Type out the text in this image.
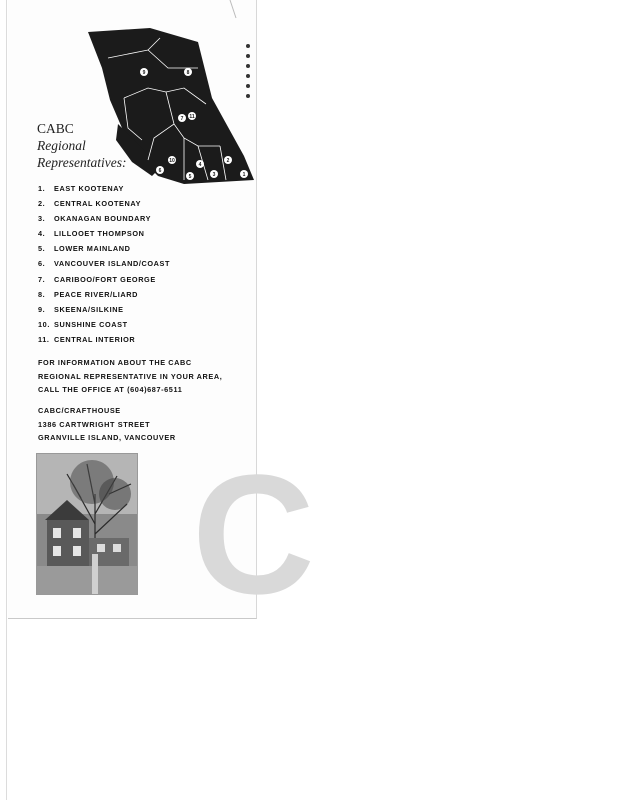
1
2
3
4
5
6
7
8
9
10
11
CABC
Regional
Representatives:
1. EAST KOOTENAY
2. CENTRAL KOOTENAY
3. OKANAGAN BOUNDARY
4. LILLOOET THOMPSON
5. LOWER MAINLAND
6. VANCOUVER ISLAND/COAST
7. CARIBOO/FORT GEORGE
8. PEACE RIVER/LIARD
9. SKEENA/SILKINE
10. SUNSHINE COAST
11. CENTRAL INTERIOR
FOR INFORMATION ABOUT THE CABC
REGIONAL REPRESENTATIVE IN YOUR AREA,
CALL THE OFFICE AT (604)687-6511
CABC/CRAFTHOUSE
1386 CARTWRIGHT STREET
GRANVILLE ISLAND, VANCOUVER
C
